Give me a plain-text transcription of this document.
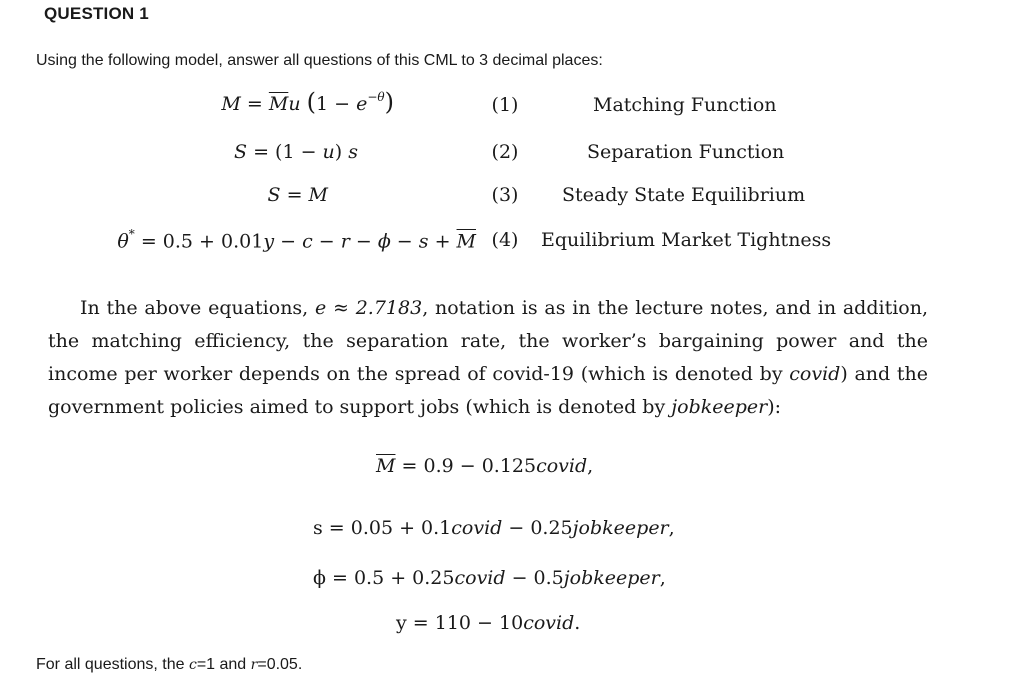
QUESTION 1
Using the following model, answer all questions of this CML to 3 decimal places:
$M = \overline{M}u$ $(1 - e^{-\theta})$	(1)	Matching Function
S = (1 − u) s	(2)	Separation Function
S = M	(3)	Steady State Equilibrium
$\theta^* = 0.5 + 0.01y - c - r - \phi - s + \overline{M}$ (4)	Equilibrium Market Tightness

In the above equations, e ≈ 2.7183, notation is as in the lecture notes, and in addition, the matching efficiency, the separation rate, the worker’s bargaining power and the income per worker depends on the spread of covid-19 (which is denoted by covid) and the government policies aimed to support jobs (which is denoted by jobkeeper):

$\overline{M} = 0.9$ − 0.125covid,
s = 0.05 + 0.1covid − 0.25jobkeeper,
ϕ = 0.5 + 0.25covid − 0.5jobkeeper,
y = 110 − 10covid.
For all questions, the c=1 and r=0.05.
